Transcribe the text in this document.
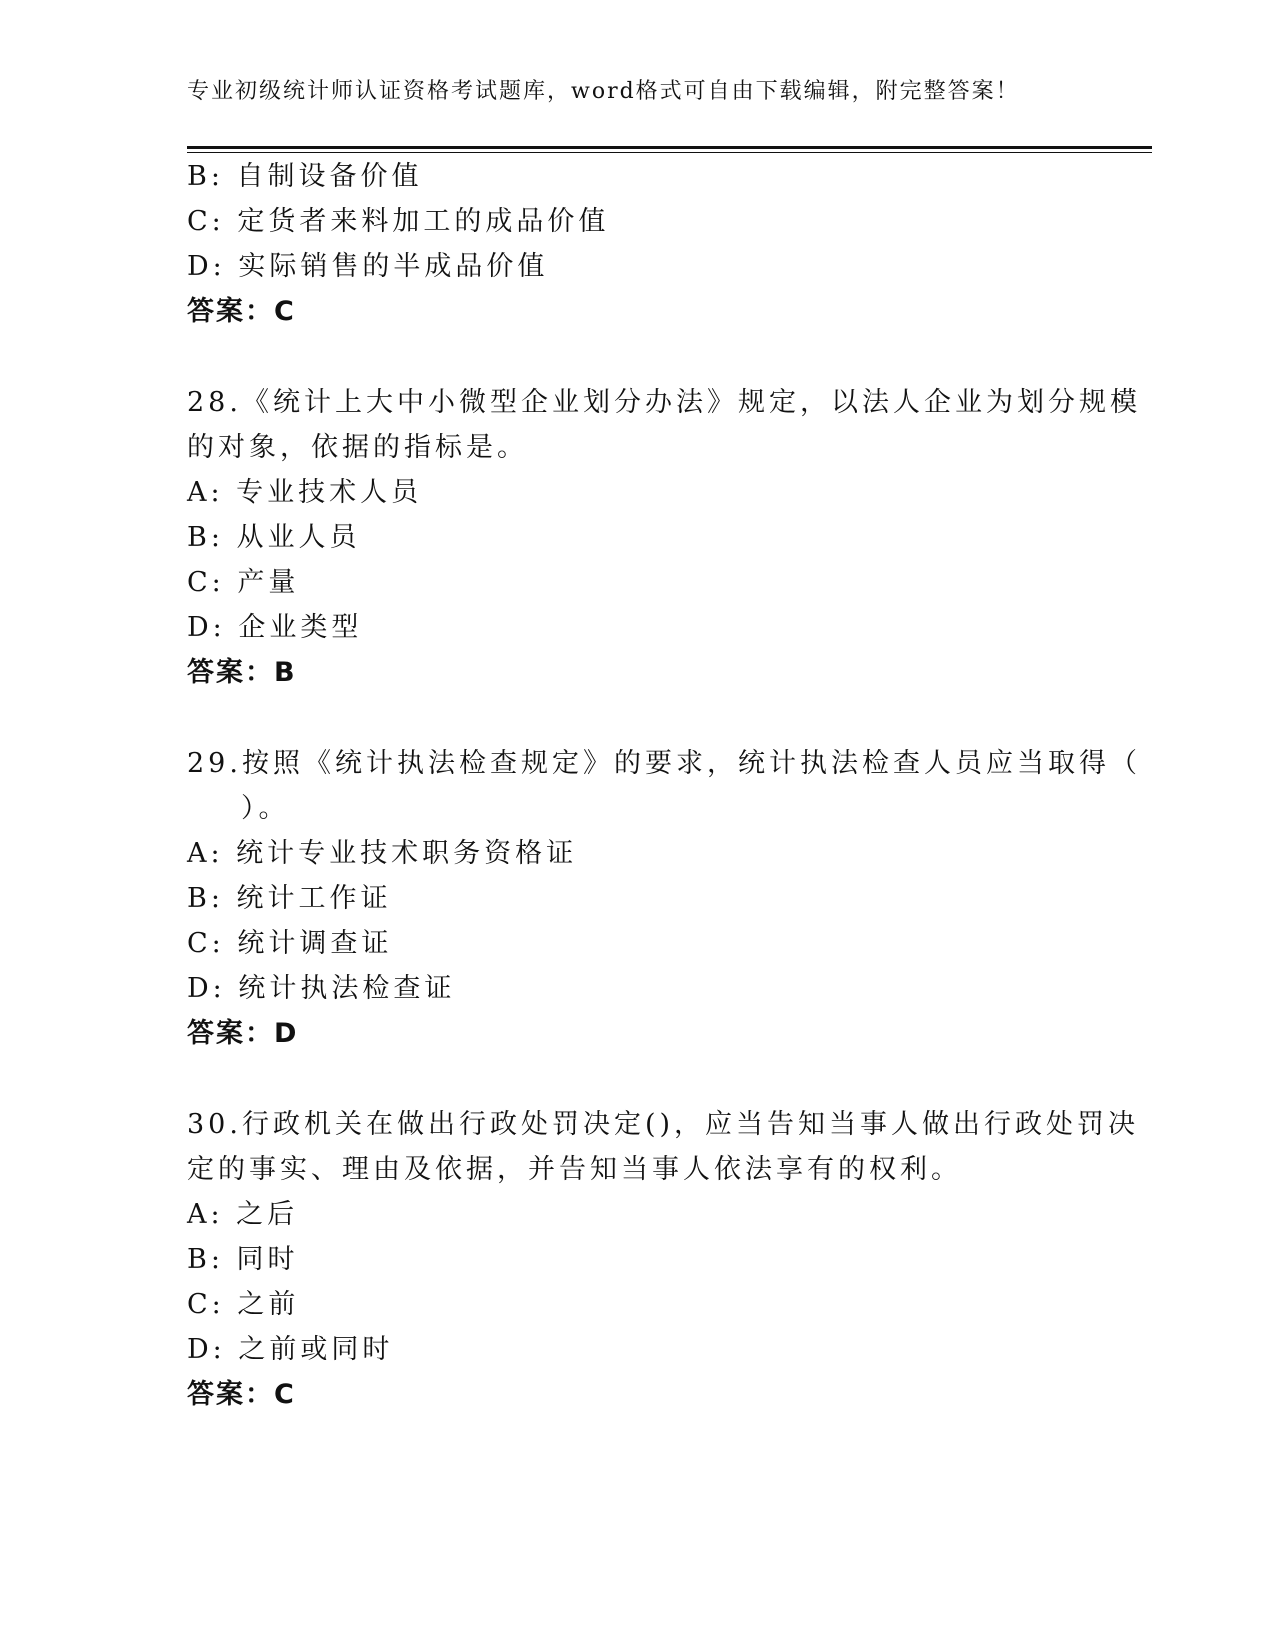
专业初级统计师认证资格考试题库，word格式可自由下载编辑，附完整答案！
B: 自制设备价值
C: 定货者来料加工的成品价值
D: 实际销售的半成品价值
答案：C
28.《统计上大中小微型企业划分办法》规定，以法人企业为划分规模
的对象，依据的指标是。
A: 专业技术人员
B: 从业人员
C: 产量
D: 企业类型
答案：B
29.按照《统计执法检查规定》的要求，统计执法检查人员应当取得（
）。
A: 统计专业技术职务资格证
B: 统计工作证
C: 统计调查证
D: 统计执法检查证
答案：D
30.行政机关在做出行政处罚决定()，应当告知当事人做出行政处罚决
定的事实、理由及依据，并告知当事人依法享有的权利。
A: 之后
B: 同时
C: 之前
D: 之前或同时
答案：C
